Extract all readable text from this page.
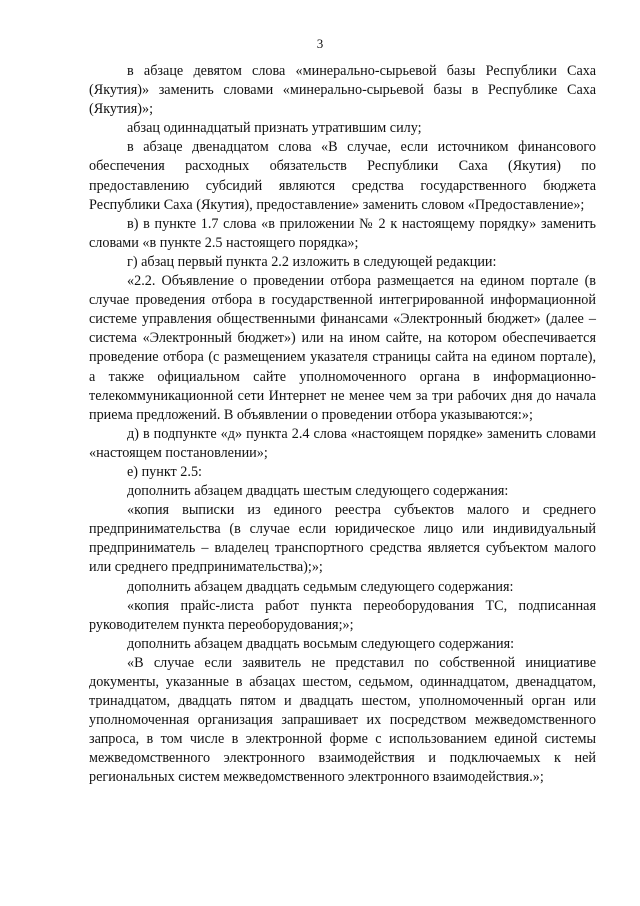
3

в абзаце девятом слова «минерально-сырьевой базы Республики Саха (Якутия)» заменить словами «минерально-сырьевой базы в Республике Саха (Якутия)»;

абзац одиннадцатый признать утратившим силу;

в абзаце двенадцатом слова «В случае, если источником финансового обеспечения расходных обязательств Республики Саха (Якутия) по предоставлению субсидий являются средства государственного бюджета Республики Саха (Якутия), предоставление» заменить словом «Предоставление»;

в) в пункте 1.7 слова «в приложении № 2 к настоящему порядку» заменить словами «в пункте 2.5 настоящего порядка»;

г) абзац первый пункта 2.2 изложить в следующей редакции:

«2.2. Объявление о проведении отбора размещается на едином портале (в случае проведения отбора в государственной интегрированной информационной системе управления общественными финансами «Электронный бюджет» (далее – система «Электронный бюджет») или на ином сайте, на котором обеспечивается проведение отбора (с размещением указателя страницы сайта на едином портале), а также официальном сайте уполномоченного органа в информационно-телекоммуникационной сети Интернет не менее чем за три рабочих дня до начала приема предложений. В объявлении о проведении отбора указываются:»;

д) в подпункте «д» пункта 2.4 слова «настоящем порядке» заменить словами «настоящем постановлении»;

е) пункт 2.5:

дополнить абзацем двадцать шестым следующего содержания:

«копия выписки из единого реестра субъектов малого и среднего предпринимательства (в случае если юридическое лицо или индивидуальный предприниматель – владелец транспортного средства является субъектом малого или среднего предпринимательства);»;

дополнить абзацем двадцать седьмым следующего содержания:

«копия прайс-листа работ пункта переоборудования ТС, подписанная руководителем пункта переоборудования;»;

дополнить абзацем двадцать восьмым следующего содержания:

«В случае если заявитель не представил по собственной инициативе документы, указанные в абзацах шестом, седьмом, одиннадцатом, двенадцатом, тринадцатом, двадцать пятом и двадцать шестом, уполномоченный орган или уполномоченная организация запрашивает их посредством межведомственного запроса, в том числе в электронной форме с использованием единой системы межведомственного электронного взаимодействия и подключаемых к ней региональных систем межведомственного электронного взаимодействия.»;
